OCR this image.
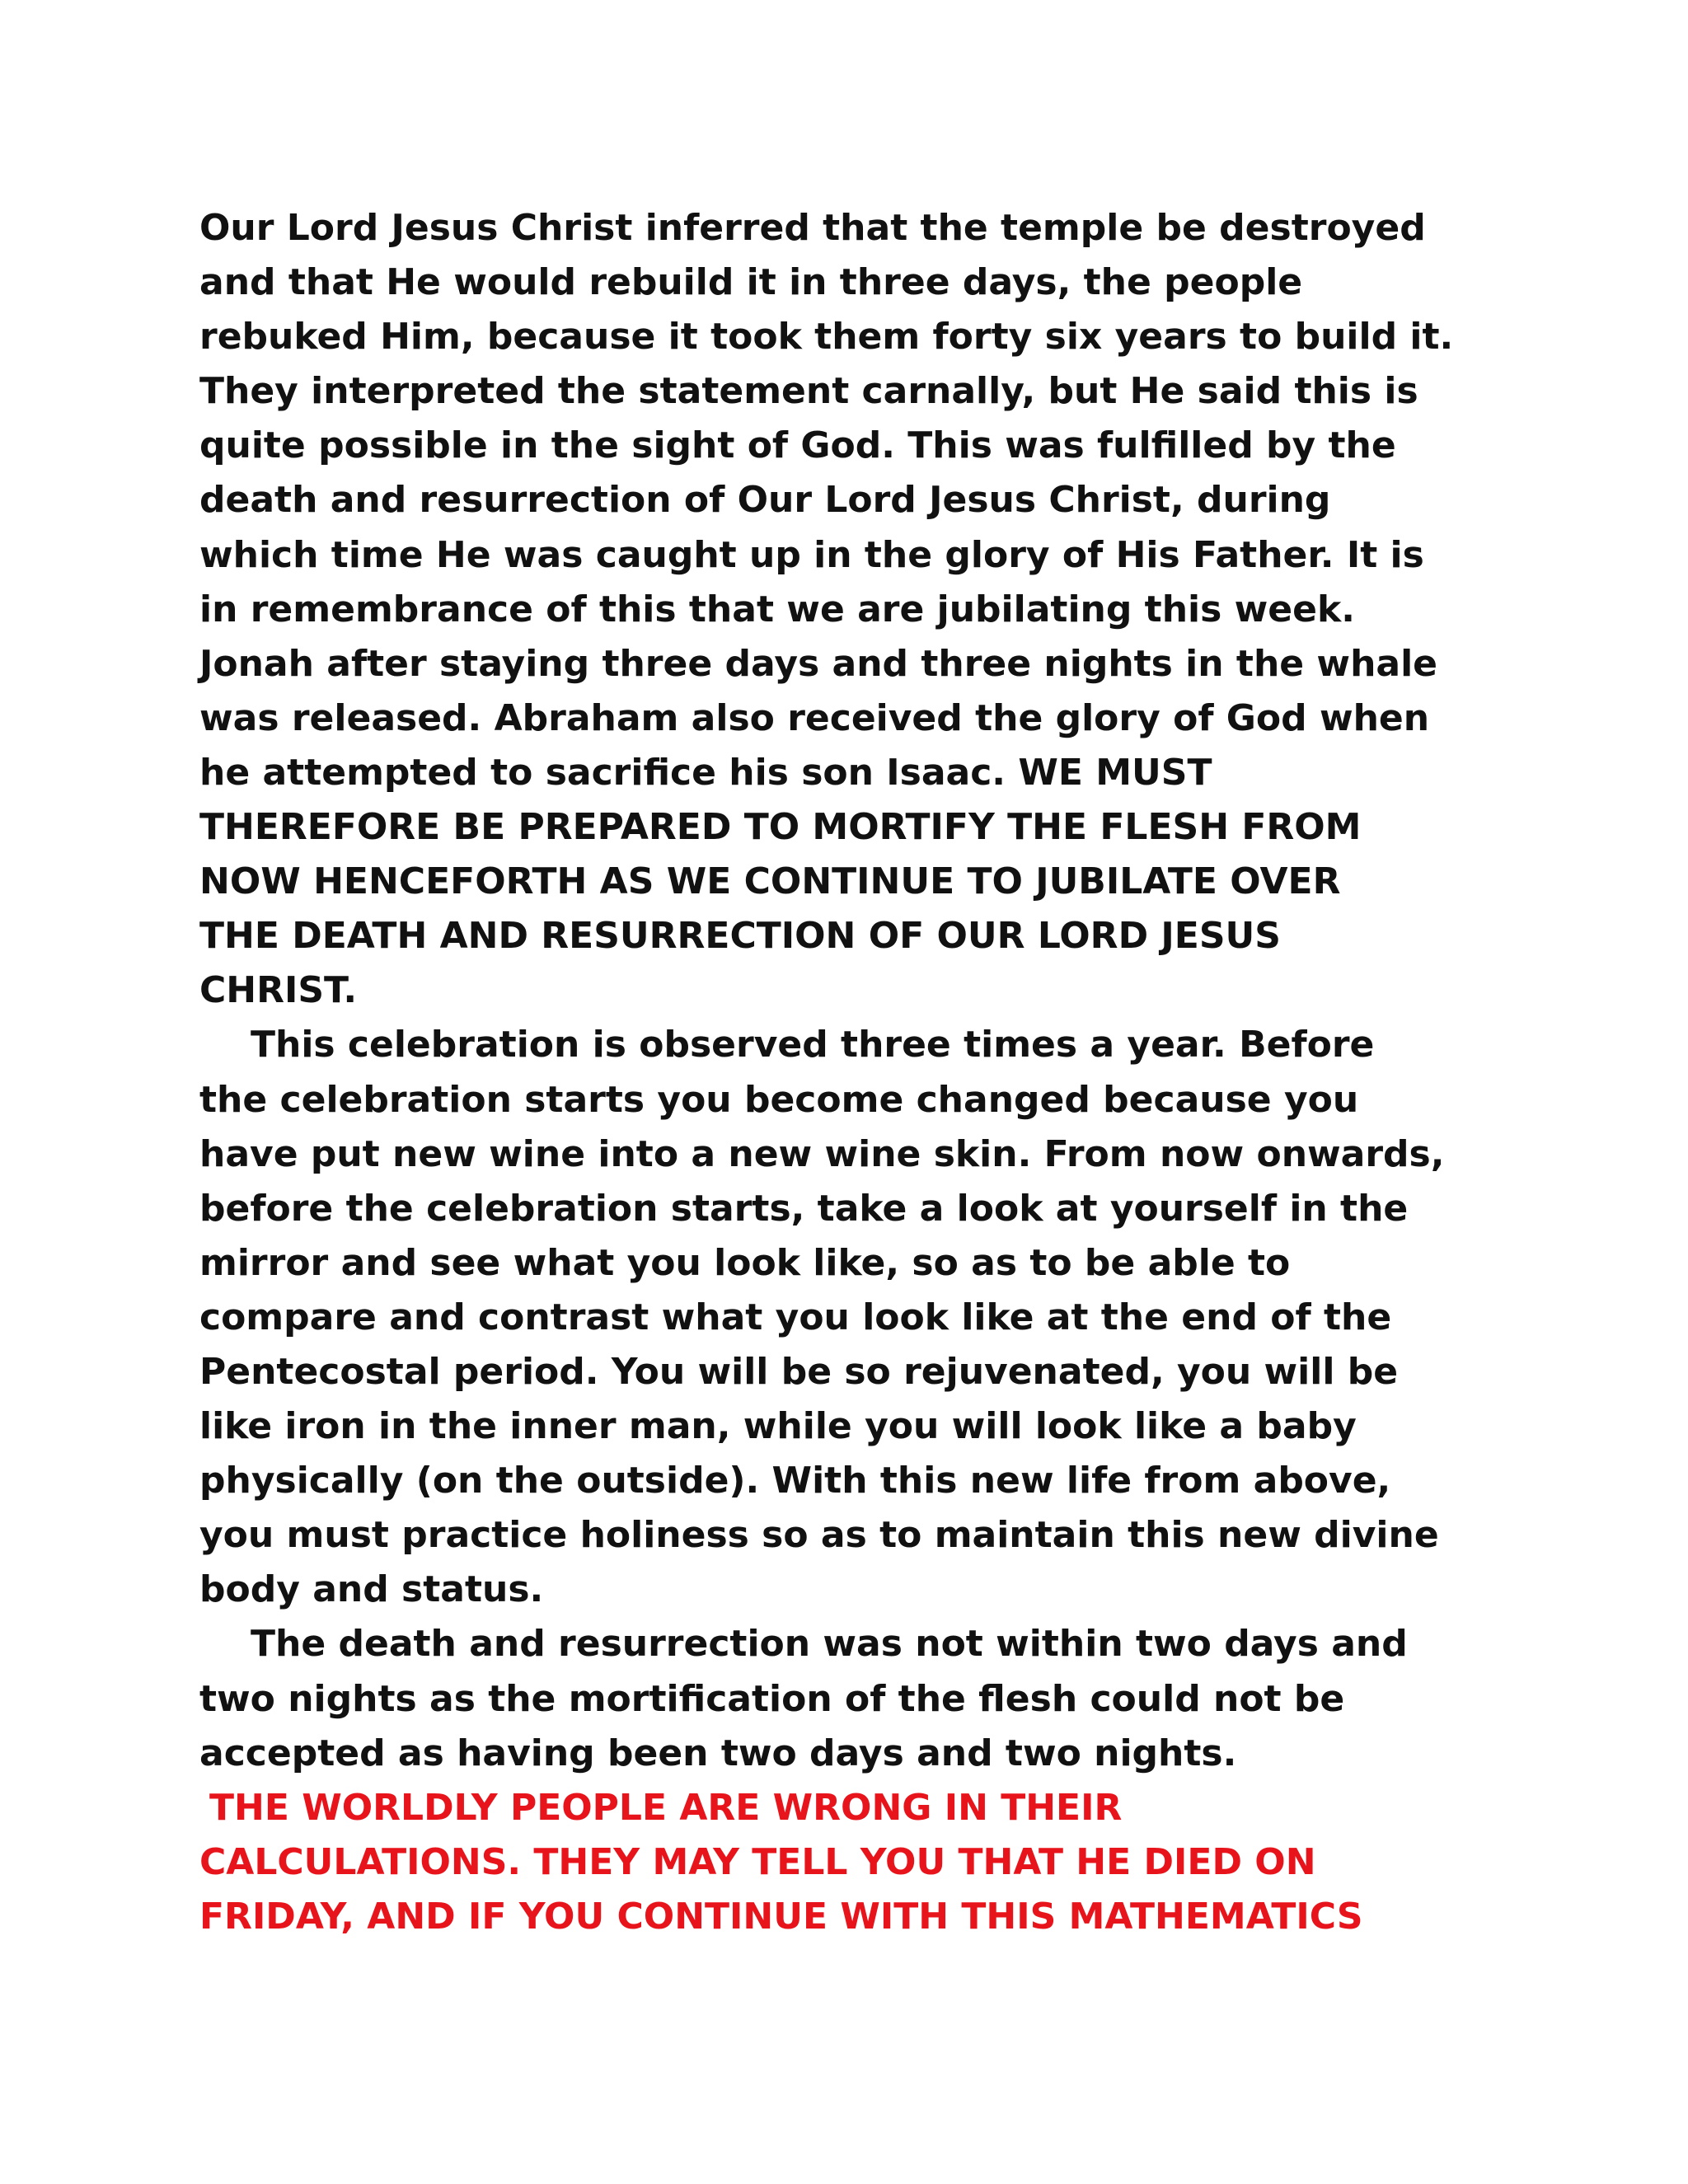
Our Lord Jesus Christ inferred that the temple be destroyed
and that He would rebuild it in three days, the people
rebuked Him, because it took them forty six years to build it.
They interpreted the statement carnally, but He said this is
quite possible in the sight of God. This was fulfilled by the
death and resurrection of Our Lord Jesus Christ, during
which time He was caught up in the glory of His Father. It is
in remembrance of this that we are jubilating this week.
Jonah after staying three days and three nights in the whale
was released. Abraham also received the glory of God when
he attempted to sacrifice his son Isaac. WE MUST
THEREFORE BE PREPARED TO MORTIFY THE FLESH FROM
NOW HENCEFORTH AS WE CONTINUE TO JUBILATE OVER
THE DEATH AND RESURRECTION OF OUR LORD JESUS
CHRIST.
This celebration is observed three times a year. Before
the celebration starts you become changed because you
have put new wine into a new wine skin. From now onwards,
before the celebration starts, take a look at yourself in the
mirror and see what you look like, so as to be able to
compare and contrast what you look like at the end of the
Pentecostal period. You will be so rejuvenated, you will be
like iron in the inner man, while you will look like a baby
physically (on the outside). With this new life from above,
you must practice holiness so as to maintain this new divine
body and status.
The death and resurrection was not within two days and
two nights as the mortification of the flesh could not be
accepted as having been two days and two nights.
THE WORLDLY PEOPLE ARE WRONG IN THEIR
CALCULATIONS. THEY MAY TELL YOU THAT HE DIED ON
FRIDAY, AND IF YOU CONTINUE WITH THIS MATHEMATICS
